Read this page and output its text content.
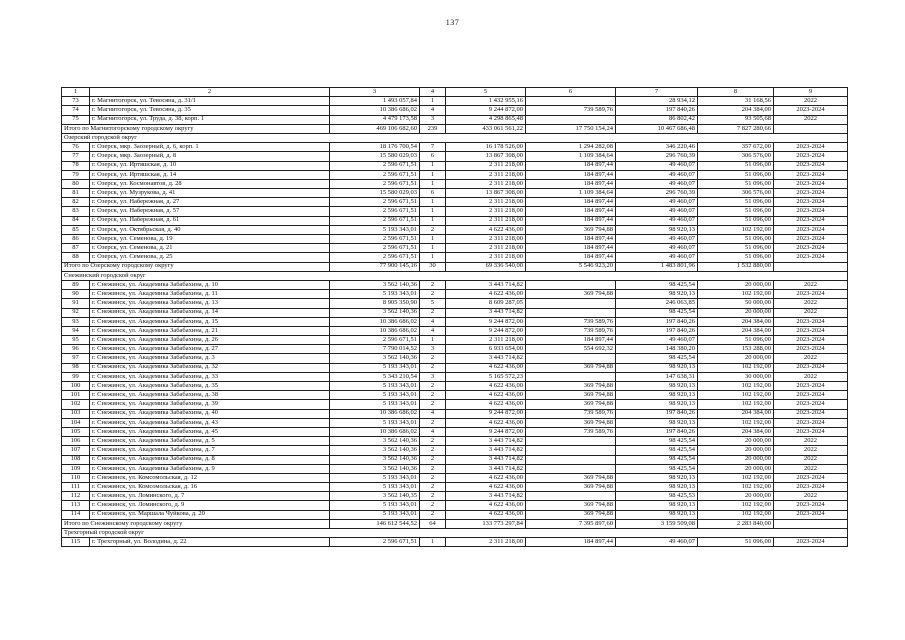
137
1	2	3	4	5	6	7	8	9
73	г. Магнитогорск, ул. Тевосяна, д. 31/1	1 493 057,84	1	1 432 955,16		28 934,12	31 168,56	2022
74	г. Магнитогорск, ул. Тевосяна, д. 35	10 386 686,02	4	9 244 872,00	739 589,76	197 840,26	204 384,00	2023-2024
75	г. Магнитогорск, ул. Труда, д. 38, корп. 1	4 479 173,58	3	4 298 865,48		86 802,42	93 505,68	2022
Итого по Магнитогорскому городскому округу		469 106 682,60	239	433 061 561,22	17 750 154,24	10 467 686,48	7 827 280,66	
Озерский городской округ								
76	г. Озерск, мкр. Заозерный, д. 6, корп. 1	18 176 700,54	7	16 178 526,00	1 294 282,08	346 220,46	357 672,00	2023-2024
77	г. Озерск, мкр. Заозерный, д. 8	15 580 029,03	6	13 867 308,00	1 109 384,64	296 760,39	306 576,00	2023-2024
78	г. Озерск, ул. Иртяшская, д. 10	2 596 671,51	1	2 311 218,00	184 897,44	49 460,07	51 096,00	2023-2024
79	г. Озерск, ул. Иртяшская, д. 14	2 596 671,51	1	2 311 218,00	184 897,44	49 460,07	51 096,00	2023-2024
80	г. Озерск, ул. Космонавтов, д. 28	2 596 671,51	1	2 311 218,00	184 897,44	49 460,07	51 096,00	2023-2024
81	г. Озерск, ул. Музрукова, д. 41	15 580 029,03	6	13 867 308,00	1 109 384,64	296 760,39	306 576,00	2023-2024
82	г. Озерск, ул. Набережная, д. 27	2 596 671,51	1	2 311 218,00	184 897,44	49 460,07	51 096,00	2023-2024
83	г. Озерск, ул. Набережная, д. 57	2 596 671,51	1	2 311 218,00	184 897,44	49 460,07	51 096,00	2023-2024
84	г. Озерск, ул. Набережная, д. 61	2 596 671,51	1	2 311 218,00	184 897,44	49 460,07	51 096,00	2023-2024
85	г. Озерск, ул. Октябрьская, д. 40	5 193 343,01	2	4 622 436,00	369 794,88	98 920,13	102 192,00	2023-2024
86	г. Озерск, ул. Семенова, д. 19	2 596 671,51	1	2 311 218,00	184 897,44	49 460,07	51 096,00	2023-2024
87	г. Озерск, ул. Семенова, д. 21	2 596 671,51	1	2 311 218,00	184 897,44	49 460,07	51 096,00	2023-2024
88	г. Озерск, ул. Семенова, д. 25	2 596 671,51	1	2 311 218,00	184 897,44	49 460,07	51 096,00	2023-2024
Итого по Озерскому городскому округу		77 900 145,16	30	69 336 540,00	5 546 923,20	1 483 801,96	1 532 880,00	
Снежинский городской округ								
89	г. Снежинск, ул. Академика Забабахина, д. 10	3 562 140,36	2	3 443 714,82		98 425,54	20 000,00	2022
90	г. Снежинск, ул. Академика Забабахина, д. 11	5 193 343,01	2	4 622 436,00	369 794,88	98 920,13	102 192,00	2023-2024
91	г. Снежинск, ул. Академика Забабахина, д. 13	8 905 350,90	5	8 609 287,05		246 063,85	50 000,00	2022
92	г. Снежинск, ул. Академика Забабахина, д. 14	3 562 140,36	2	3 443 714,82		98 425,54	20 000,00	2022
93	г. Снежинск, ул. Академика Забабахина, д. 15	10 386 686,02	4	9 244 872,00	739 589,76	197 840,26	204 384,00	2023-2024
94	г. Снежинск, ул. Академика Забабахина, д. 21	10 386 686,02	4	9 244 872,00	739 589,76	197 840,26	204 384,00	2023-2024
95	г. Снежинск, ул. Академика Забабахина, д. 26	2 596 671,51	1	2 311 218,00	184 897,44	49 460,07	51 096,00	2023-2024
96	г. Снежинск, ул. Академика Забабахина, д. 27	7 790 014,52	3	6 933 654,00	554 692,32	148 380,20	153 288,00	2023-2024
97	г. Снежинск, ул. Академика Забабахина, д. 3	3 562 140,36	2	3 443 714,82		98 425,54	20 000,00	2022
98	г. Снежинск, ул. Академика Забабахина, д. 32	5 193 343,01	2	4 622 436,00	369 794,88	98 920,13	102 192,00	2023-2024
99	г. Снежинск, ул. Академика Забабахина, д. 33	5 343 210,54	3	5 165 572,23		147 638,31	30 000,00	2022
100	г. Снежинск, ул. Академика Забабахина, д. 35	5 193 343,01	2	4 622 436,00	369 794,88	98 920,13	102 192,00	2023-2024
101	г. Снежинск, ул. Академика Забабахина, д. 38	5 193 343,01	2	4 622 436,00	369 794,88	98 920,13	102 192,00	2023-2024
102	г. Снежинск, ул. Академика Забабахина, д. 39	5 193 343,01	2	4 622 436,00	369 794,88	98 920,13	102 192,00	2023-2024
103	г. Снежинск, ул. Академика Забабахина, д. 40	10 386 686,02	4	9 244 872,00	739 589,76	197 840,26	204 384,00	2023-2024
104	г. Снежинск, ул. Академика Забабахина, д. 43	5 193 343,01	2	4 622 436,00	369 794,88	98 920,13	102 192,00	2023-2024
105	г. Снежинск, ул. Академика Забабахина, д. 45	10 386 686,02	4	9 244 872,00	739 589,76	197 840,26	204 384,00	2023-2024
106	г. Снежинск, ул. Академика Забабахина, д. 5	3 562 140,36	2	3 443 714,82		98 425,54	20 000,00	2022
107	г. Снежинск, ул. Академика Забабахина, д. 7	3 562 140,36	2	3 443 714,82		98 425,54	20 000,00	2022
108	г. Снежинск, ул. Академика Забабахина, д. 8	3 562 140,36	2	3 443 714,82		98 425,54	20 000,00	2022
109	г. Снежинск, ул. Академика Забабахина, д. 9	3 562 140,36	2	3 443 714,82		98 425,54	20 000,00	2022
110	г. Снежинск, ул. Комсомольская, д. 12	5 193 343,01	2	4 622 436,00	369 794,88	98 920,13	102 192,00	2023-2024
111	г. Снежинск, ул. Комсомольская, д. 16	5 193 343,01	2	4 622 436,00	369 794,88	98 920,13	102 192,00	2023-2024
112	г. Снежинск, ул. Ломинского, д. 7	3 562 140,35	2	3 443 714,82		98 425,53	20 000,00	2022
113	г. Снежинск, ул. Ломинского, д. 9	5 193 343,01	2	4 622 436,00	369 794,88	98 920,13	102 192,00	2023-2024
114	г. Снежинск, ул. Маршала Чуйкова, д. 20	5 193 343,01	2	4 622 436,00	369 794,88	98 920,13	102 192,00	2023-2024
Итого по Снежинскому городскому округу		146 612 544,52	64	133 773 297,84	7 395 897,60	3 159 509,08	2 283 840,00	
Трехгорный городской округ								
115	г. Трехгорный, ул. Володина, д. 22	2 596 671,51	1	2 311 218,00	184 897,44	49 460,07	51 096,00	2023-2024
